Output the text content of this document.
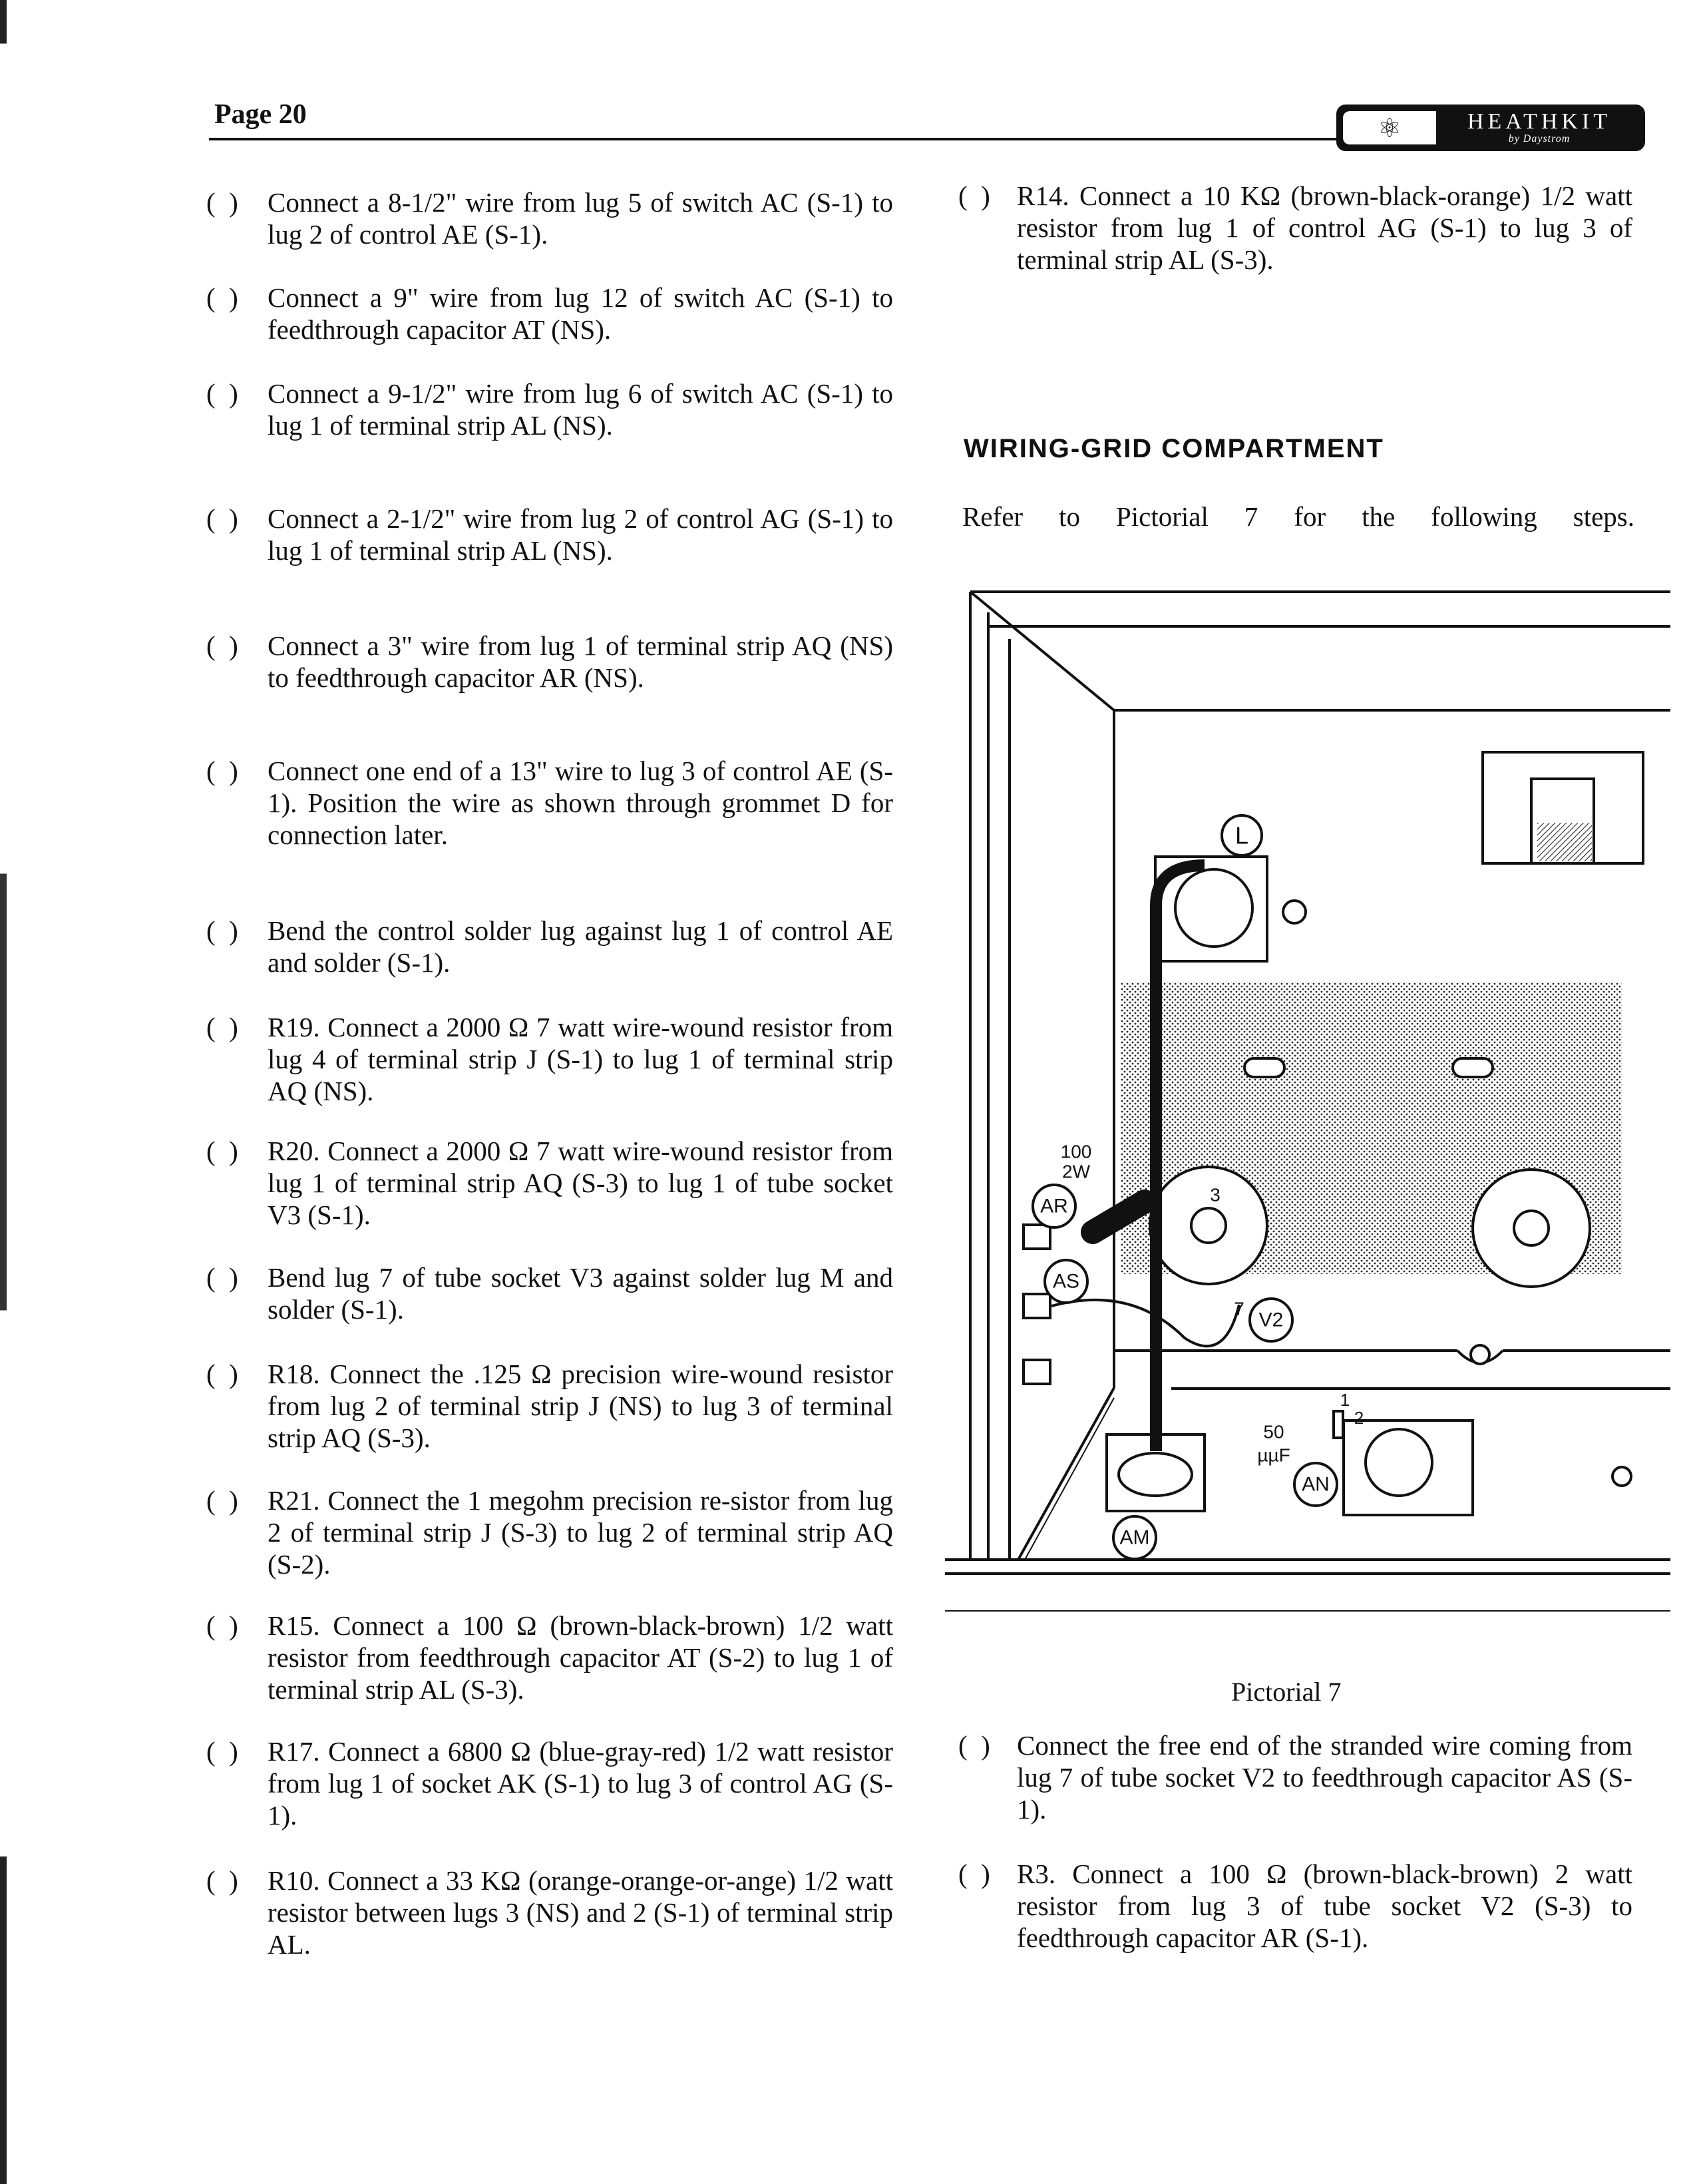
Page 20	⚛	HEATHKIT
by Daystrom
(  ) Connect a 8-1/2" wire from lug 5 of switch AC (S-1) to lug 2 of control AE (S-1).
(  ) Connect a 9" wire from lug 12 of switch AC (S-1) to feedthrough capacitor AT (NS).
(  ) Connect a 9-1/2" wire from lug 6 of switch AC (S-1) to lug 1 of terminal strip AL (NS).
(  ) Connect a 2-1/2" wire from lug 2 of control AG (S-1) to lug 1 of terminal strip AL (NS).
(  ) Connect a 3" wire from lug 1 of terminal strip AQ (NS) to feedthrough capacitor AR (NS).
(  ) Connect one end of a 13" wire to lug 3 of control AE (S-1). Position the wire as shown through grommet D for connection later.
(  ) Bend the control solder lug against lug 1 of control AE and solder (S-1).
(  ) R19. Connect a 2000 Ω 7 watt wire-wound resistor from lug 4 of terminal strip J (S-1) to lug 1 of terminal strip AQ (NS).
(  ) R20. Connect a 2000 Ω 7 watt wire-wound resistor from lug 1 of terminal strip AQ (S-3) to lug 1 of tube socket V3 (S-1).
(  ) Bend lug 7 of tube socket V3 against solder lug M and solder (S-1).
(  ) R18. Connect the .125 Ω precision wire-wound resistor from lug 2 of terminal strip J (NS) to lug 3 of terminal strip AQ (S-3).
(  ) R21. Connect the 1 megohm precision re-sistor from lug 2 of terminal strip J (S-3) to lug 2 of terminal strip AQ (S-2).
(  ) R15. Connect a 100 Ω (brown-black-brown) 1/2 watt resistor from feedthrough capacitor AT (S-2) to lug 1 of terminal strip AL (S-3).
(  ) R17. Connect a 6800 Ω (blue-gray-red) 1/2 watt resistor from lug 1 of socket AK (S-1) to lug 3 of control AG (S-1).
(  ) R10. Connect a 33 KΩ (orange-orange-or-ange) 1/2 watt resistor between lugs 3 (NS) and 2 (S-1) of terminal strip AL.
(  ) R14. Connect a 10 KΩ (brown-black-orange) 1/2 watt resistor from lug 1 of control AG (S-1) to lug 3 of terminal strip AL (S-3).
WIRING-GRID COMPARTMENT
Refer to Pictorial 7 for the following steps.
L
AR
AS
V2
AM
AN
100
2W
50
µµF
3
7
1
2
Pictorial 7
(  ) Connect the free end of the stranded wire coming from lug 7 of tube socket V2 to feedthrough capacitor AS (S-1).
(  ) R3. Connect a 100 Ω (brown-black-brown) 2 watt resistor from lug 3 of tube socket V2 (S-3) to feedthrough capacitor AR (S-1).
